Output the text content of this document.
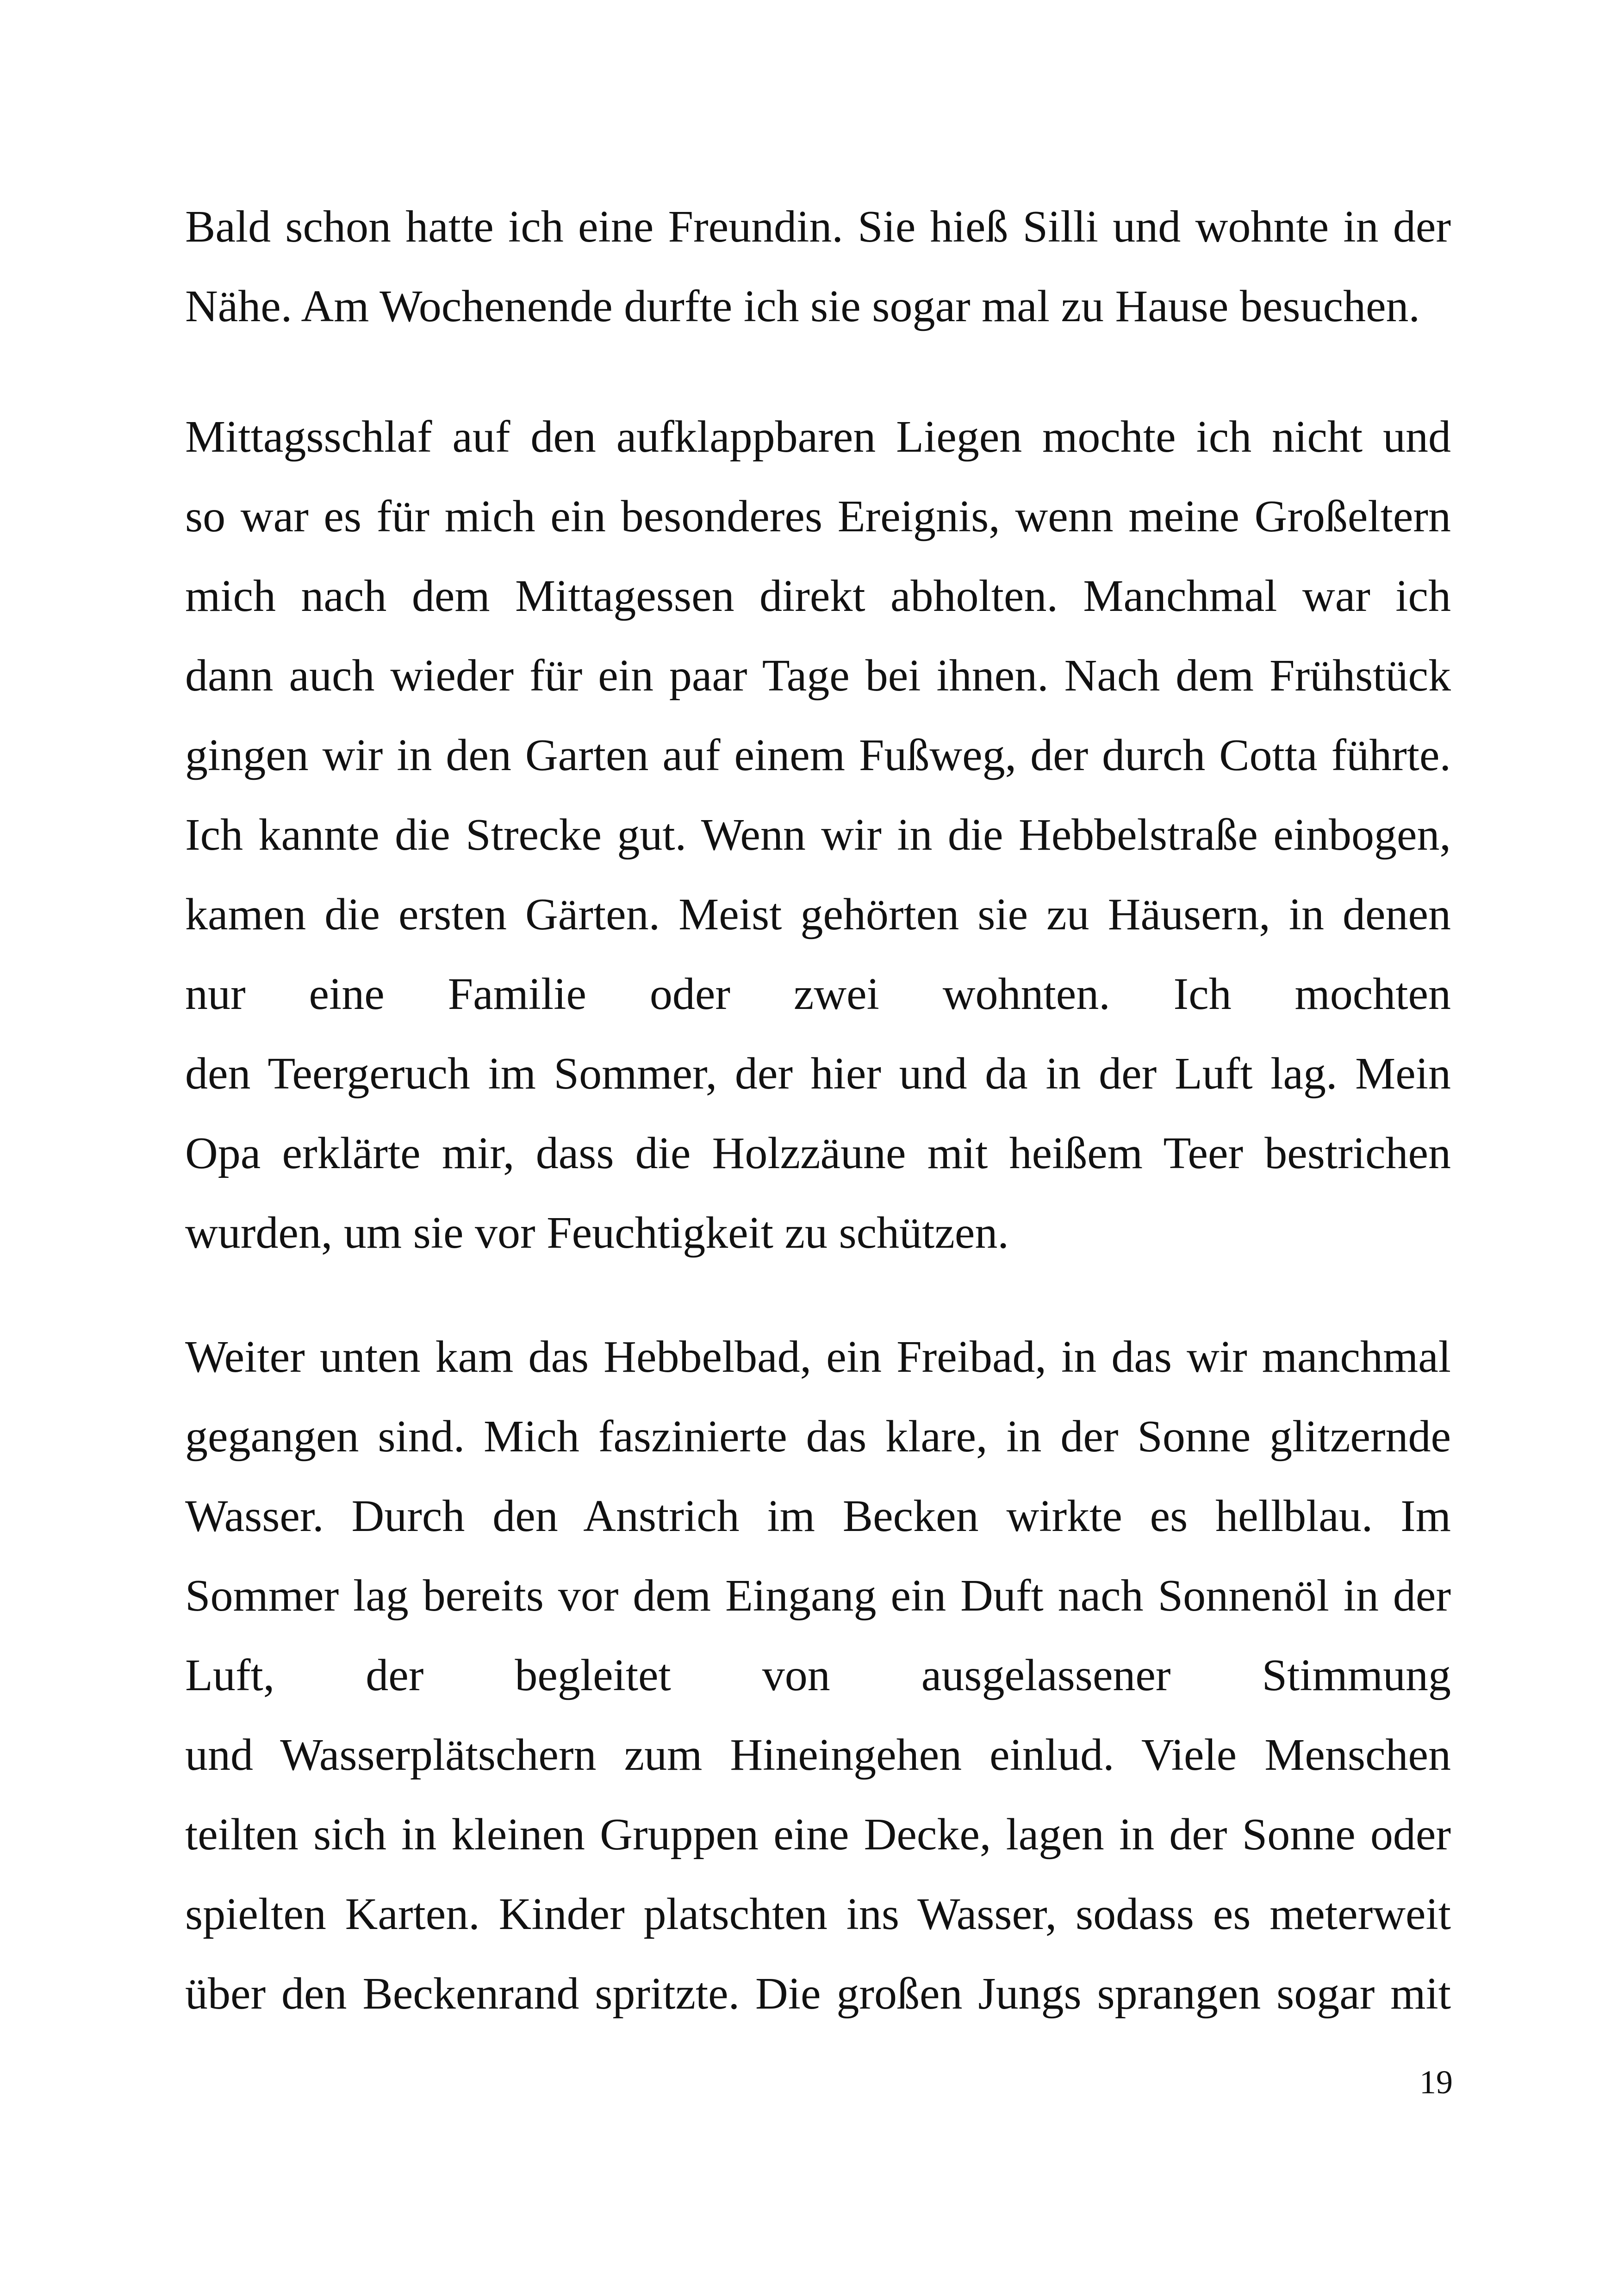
Bald schon hatte ich eine Freundin. Sie hieß Silli und wohnte in der
Nähe. Am Wochenende durfte ich sie sogar mal zu Hause besuchen.
Mittagsschlaf auf den aufklappbaren Liegen mochte ich nicht und
so war es für mich ein besonderes Ereignis, wenn meine Großeltern
mich nach dem Mittagessen direkt abholten. Manchmal war ich
dann auch wieder für ein paar Tage bei ihnen. Nach dem Frühstück
gingen wir in den Garten auf einem Fußweg, der durch Cotta führte.
Ich kannte die Strecke gut. Wenn wir in die Hebbelstraße einbogen,
kamen die ersten Gärten. Meist gehörten sie zu Häusern, in denen
nur eine Familie oder zwei wohnten. Ich mochten
den Teergeruch im Sommer, der hier und da in der Luft lag. Mein
Opa erklärte mir, dass die Holzzäune mit heißem Teer bestrichen
wurden, um sie vor Feuchtigkeit zu schützen.
Weiter unten kam das Hebbelbad, ein Freibad, in das wir manchmal
gegangen sind. Mich faszinierte das klare, in der Sonne glitzernde
Wasser. Durch den Anstrich im Becken wirkte es hellblau. Im
Sommer lag bereits vor dem Eingang ein Duft nach Sonnenöl in der
Luft, der begleitet von ausgelassener Stimmung
und Wasserplätschern zum Hineingehen einlud. Viele Menschen
teilten sich in kleinen Gruppen eine Decke, lagen in der Sonne oder
spielten Karten. Kinder platschten ins Wasser, sodass es meterweit
über den Beckenrand spritzte. Die großen Jungs sprangen sogar mit
19
